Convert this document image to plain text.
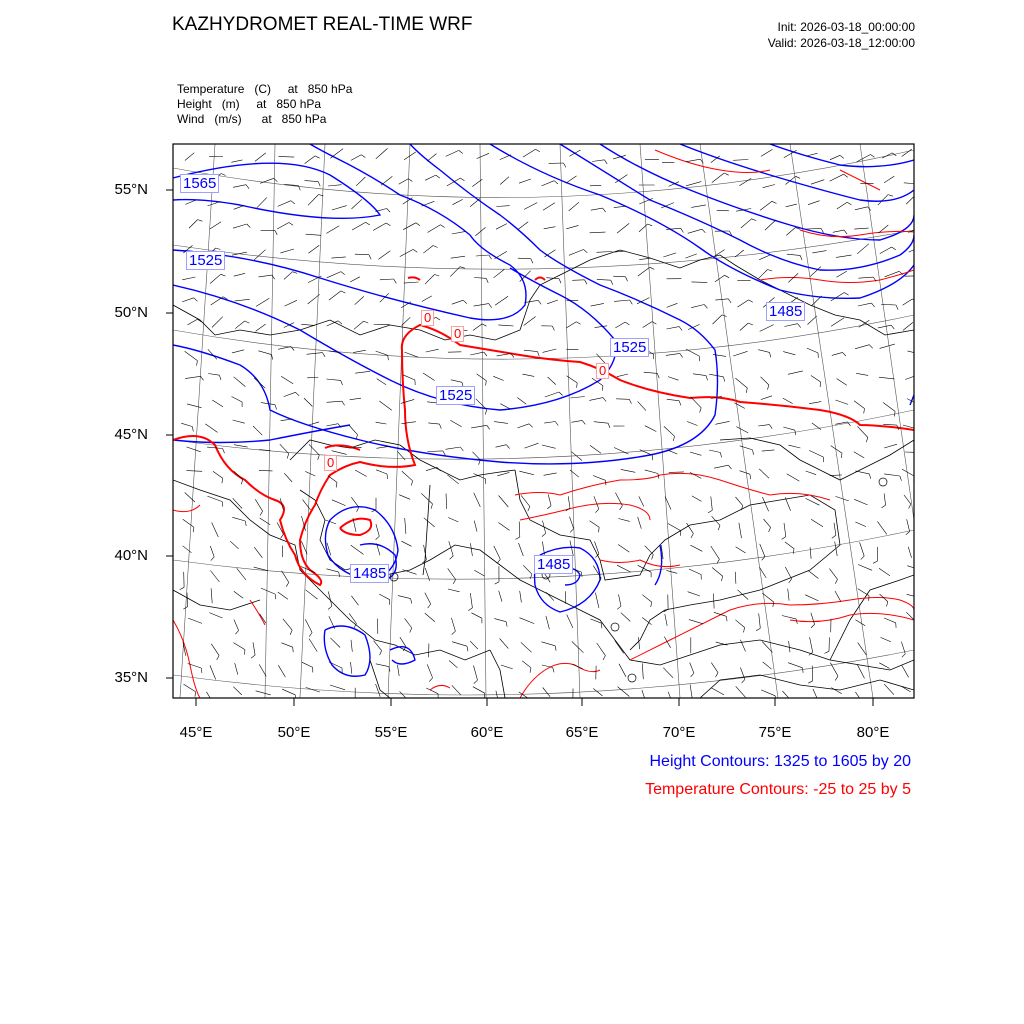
KAZHYDROMET REAL-TIME WRF	Init: 2026-03-18_00:00:00
Valid: 2026-03-18_12:00:00
Temperature   (C)     at   850 hPa
Height   (m)     at   850 hPa
Wind   (m/s)      at   850 hPa
55°N
50°N
45°N
40°N
35°N
45°E	50°E	55°E	60°E	65°E	70°E	75°E	80°E
1565
1525
1525
1525
1485
1485
1485
0
0
0
0
Height Contours: 1325 to 1605 by 20
Temperature Contours: -25 to 25 by 5
